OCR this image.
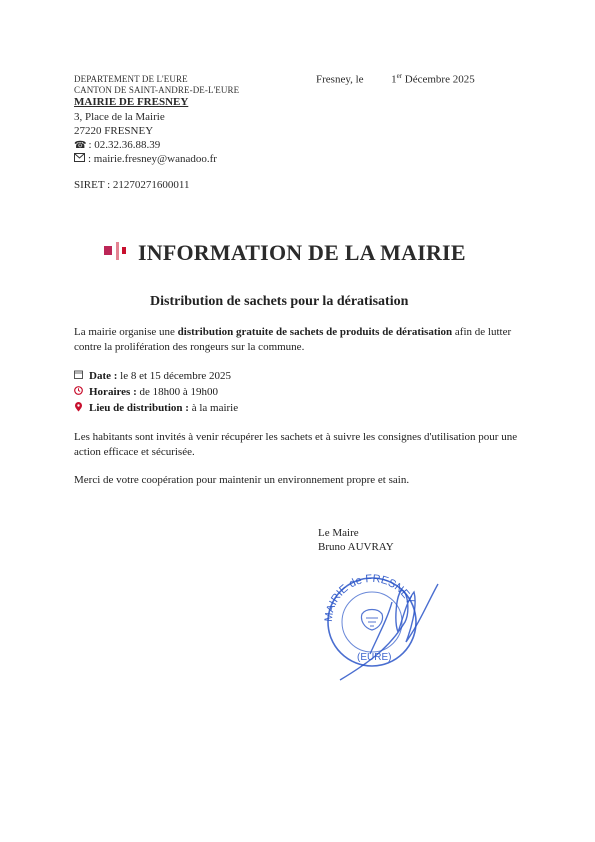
DEPARTEMENT DE L'EURE
CANTON DE SAINT-ANDRE-DE-L'EURE
MAIRIE DE FRESNEY
3, Place de la Mairie
27220 FRESNEY
☎ : 02.32.36.88.39
: mairie.fresney@wanadoo.fr
SIRET : 21270271600011
Fresney, le	1er Décembre 2025
INFORMATION DE LA MAIRIE
Distribution de sachets pour la dératisation
La mairie organise une distribution gratuite de sachets de produits de dératisation afin de lutter contre la prolifération des rongeurs sur la commune.
Date : le 8 et 15 décembre 2025
Horaires : de 18h00 à 19h00
Lieu de distribution : à la mairie
Les habitants sont invités à venir récupérer les sachets et à suivre les consignes d'utilisation pour une action efficace et sécurisée.
Merci de votre coopération pour maintenir un environnement propre et sain.
Le Maire
Bruno AUVRAY
MAIRIE de FRESNEY
(EURE)
